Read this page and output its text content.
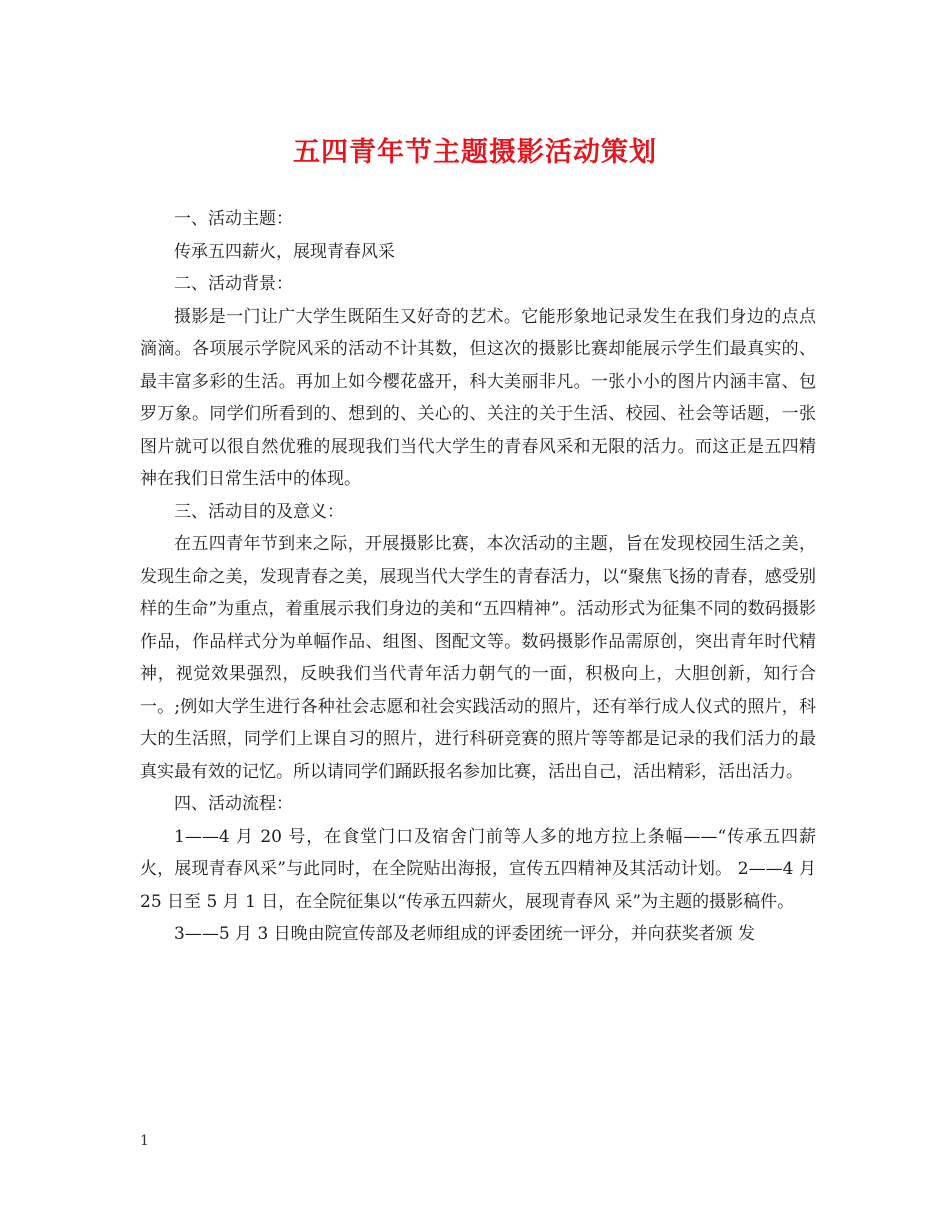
五四青年节主题摄影活动策划

一、活动主题：

传承五四薪火，展现青春风采

二、活动背景：

摄影是一门让广大学生既陌生又好奇的艺术。它能形象地记录发生在我们身边的点点滴滴。各项展示学院风采的活动不计其数，但这次的摄影比赛却能展示学生们最真实的、最丰富多彩的生活。再加上如今樱花盛开，科大美丽非凡。一张小小的图片内涵丰富、包罗万象。同学们所看到的、想到的、关心的、关注的关于生活、校园、社会等话题，一张图片就可以很自然优雅的展现我们当代大学生的青春风采和无限的活力。而这正是五四精神在我们日常生活中的体现。

三、活动目的及意义：

在五四青年节到来之际，开展摄影比赛，本次活动的主题，旨在发现校园生活之美，发现生命之美，发现青春之美，展现当代大学生的青春活力，以“聚焦飞扬的青春，感受别样的生命”为重点，着重展示我们身边的美和“五四精神”。活动形式为征集不同的数码摄影作品，作品样式分为单幅作品、组图、图配文等。数码摄影作品需原创，突出青年时代精神，视觉效果强烈，反映我们当代青年活力朝气的一面，积极向上，大胆创新，知行合一。;例如大学生进行各种社会志愿和社会实践活动的照片，还有举行成人仪式的照片，科大的生活照，同学们上课自习的照片，进行科研竞赛的照片等等都是记录的我们活力的最真实最有效的记忆。所以请同学们踊跃报名参加比赛，活出自己，活出精彩，活出活力。

四、活动流程：

1——4 月 20 号，在食堂门口及宿舍门前等人多的地方拉上条幅——“传承五四薪火，展现青春风采”与此同时，在全院贴出海报，宣传五四精神及其活动计划。 2——4 月 25 日至 5 月 1 日，在全院征集以“传承五四薪火，展现青春风 采”为主题的摄影稿件。

3——5 月 3 日晚由院宣传部及老师组成的评委团统一评分，并向获奖者颁 发

1
